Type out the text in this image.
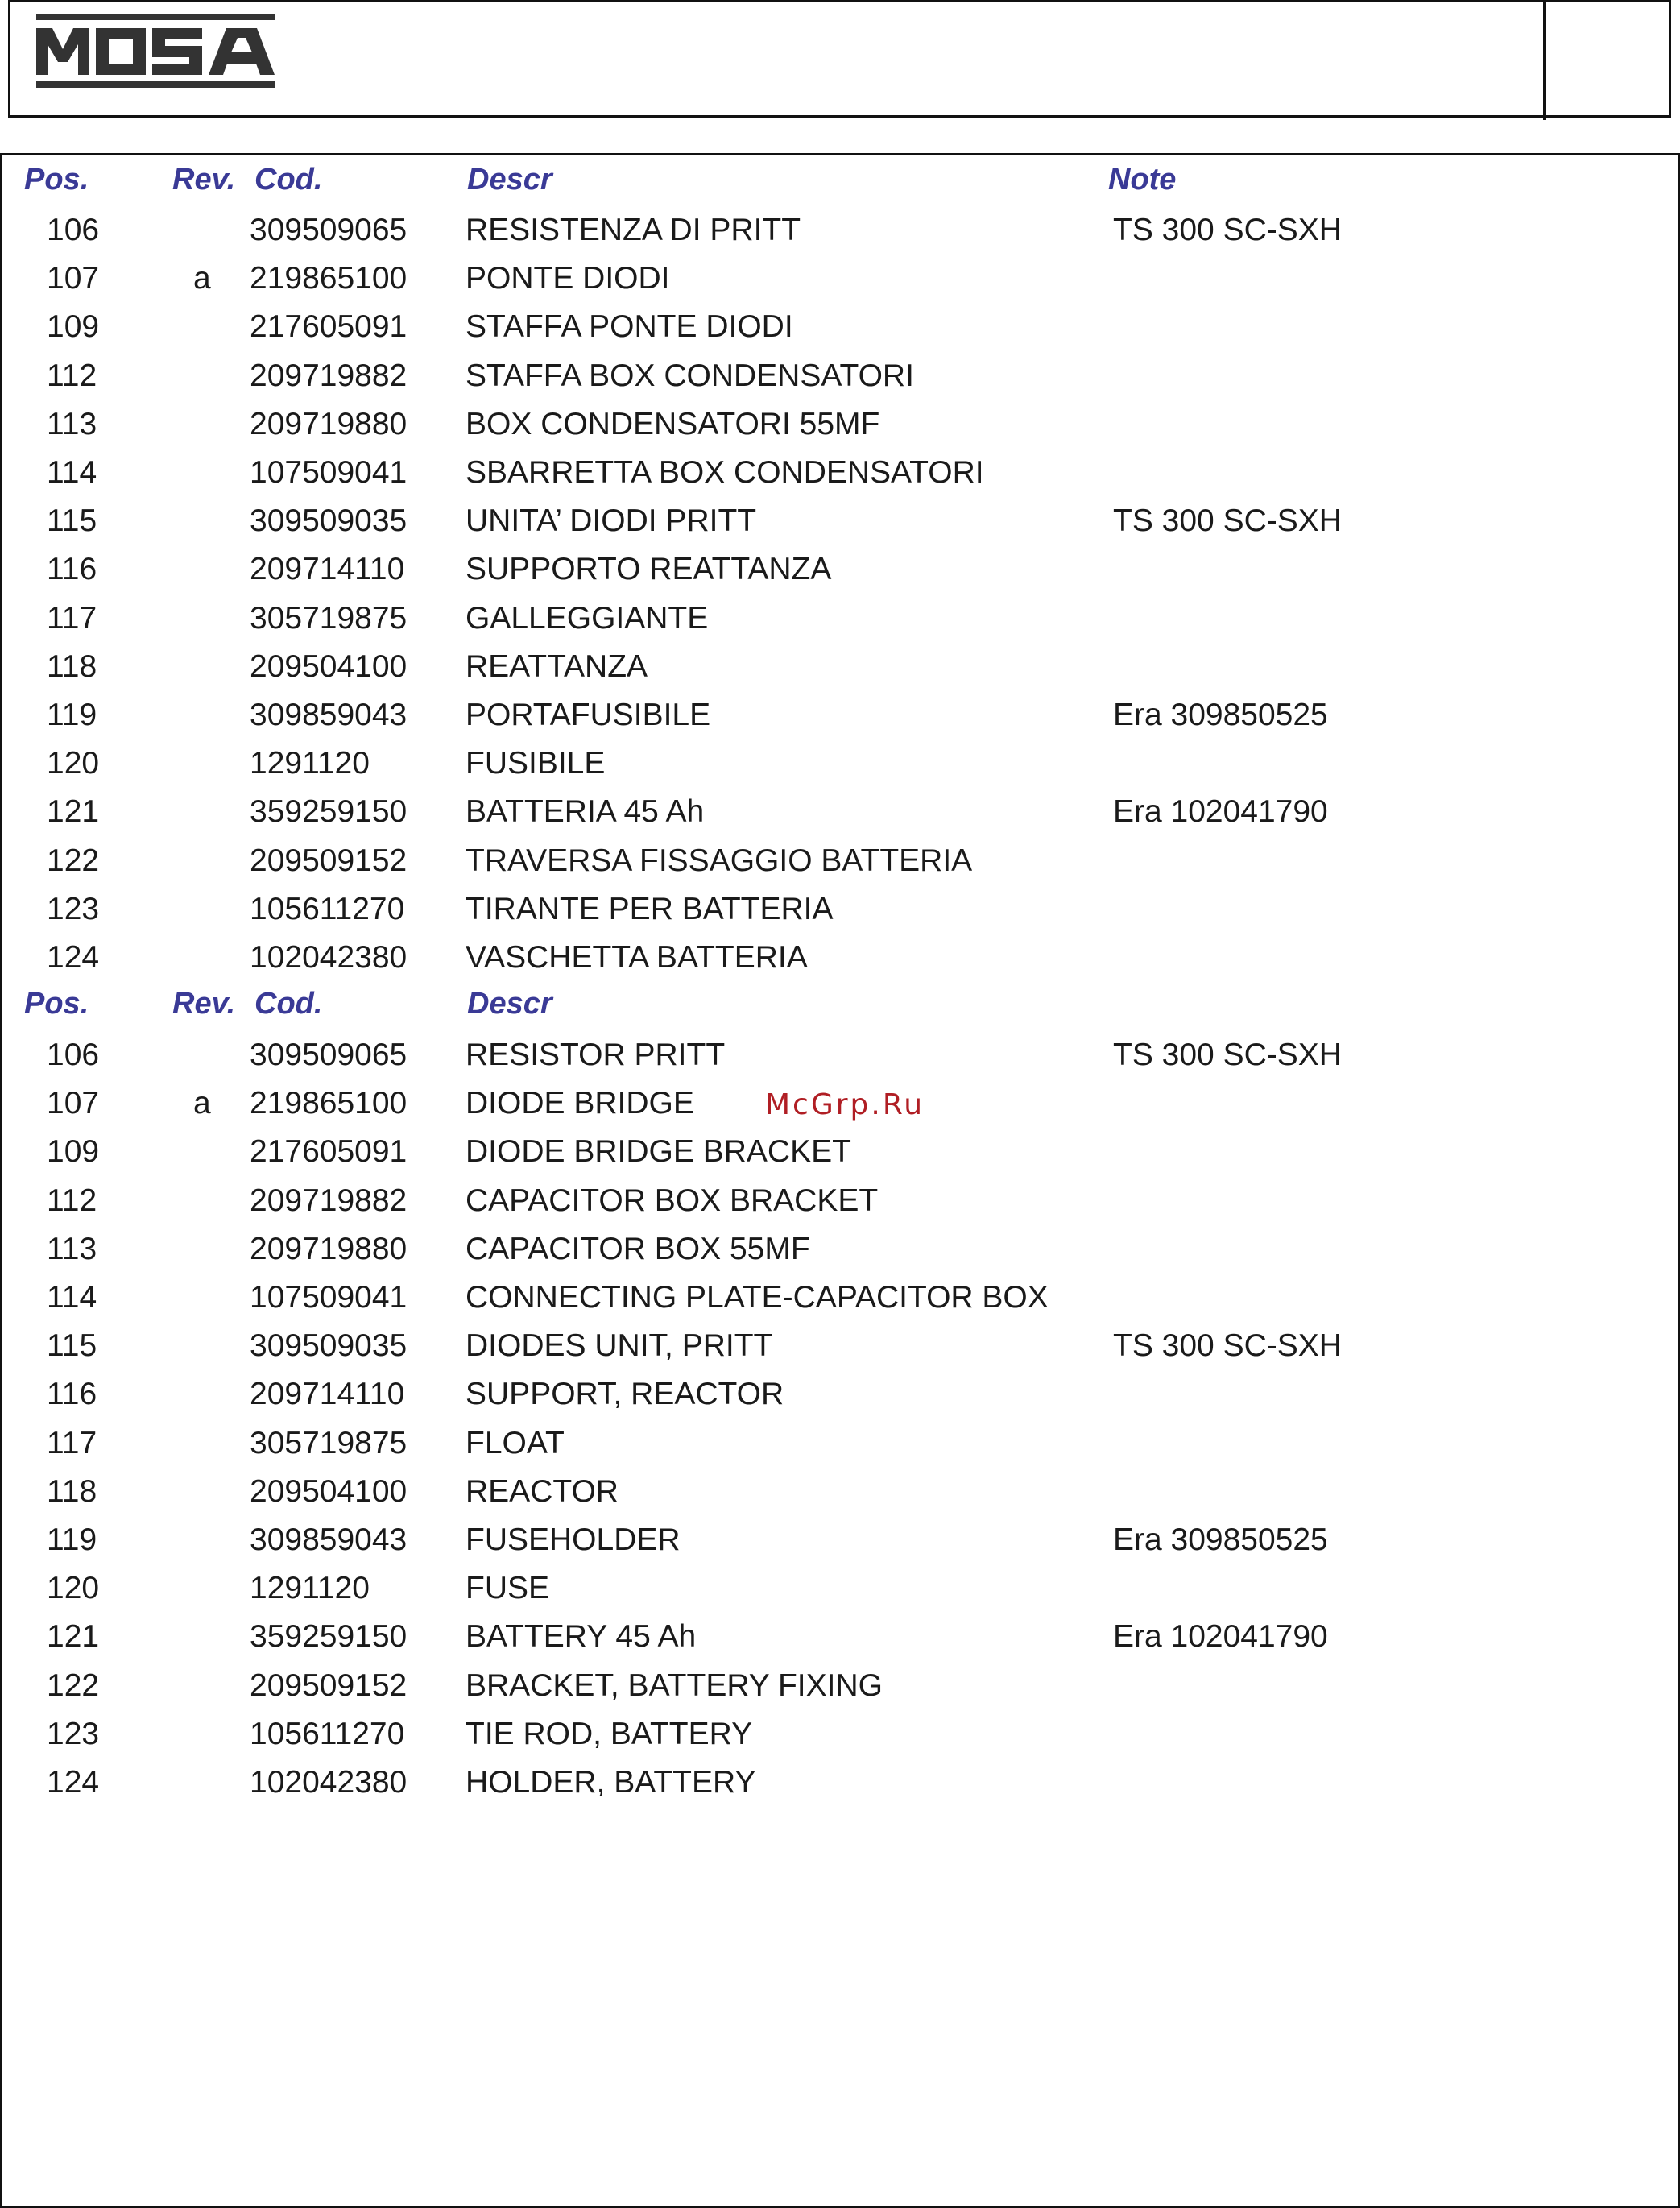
Pos.	Rev. Cod.	Descr	Note
106	309509065 RESISTENZA DI PRITT	TS 300 SC-SXH
107	a 219865100 PONTE DIODI
109	217605091 STAFFA PONTE DIODI
112	209719882 STAFFA BOX CONDENSATORI
113	209719880 BOX CONDENSATORI 55MF
114	107509041 SBARRETTA BOX CONDENSATORI
115	309509035 UNITA’ DIODI PRITT	TS 300 SC-SXH
116	209714110 SUPPORTO REATTANZA
117	305719875 GALLEGGIANTE
118	209504100 REATTANZA
119	309859043 PORTAFUSIBILE	Era 309850525
120	1291120	FUSIBILE
121	359259150 BATTERIA 45 Ah	Era 102041790
122	209509152 TRAVERSA FISSAGGIO BATTERIA
123	105611270 TIRANTE PER BATTERIA
124	102042380 VASCHETTA BATTERIA
Pos.	Rev. Cod.	Descr
106	309509065 RESISTOR PRITT	TS 300 SC-SXH
107	a 219865100 DIODE BRIDGE
109	217605091 DIODE BRIDGE BRACKET
112	209719882 CAPACITOR BOX BRACKET
113	209719880 CAPACITOR BOX 55MF
114	107509041 CONNECTING PLATE-CAPACITOR BOX
115	309509035 DIODES UNIT, PRITT	TS 300 SC-SXH
116	209714110 SUPPORT, REACTOR
117	305719875 FLOAT
118	209504100 REACTOR
119	309859043 FUSEHOLDER	Era 309850525
120	1291120	FUSE
121	359259150 BATTERY 45 Ah	Era 102041790
122	209509152 BRACKET, BATTERY FIXING
123	105611270 TIE ROD, BATTERY
124	102042380 HOLDER, BATTERY
McGrp.Ru
